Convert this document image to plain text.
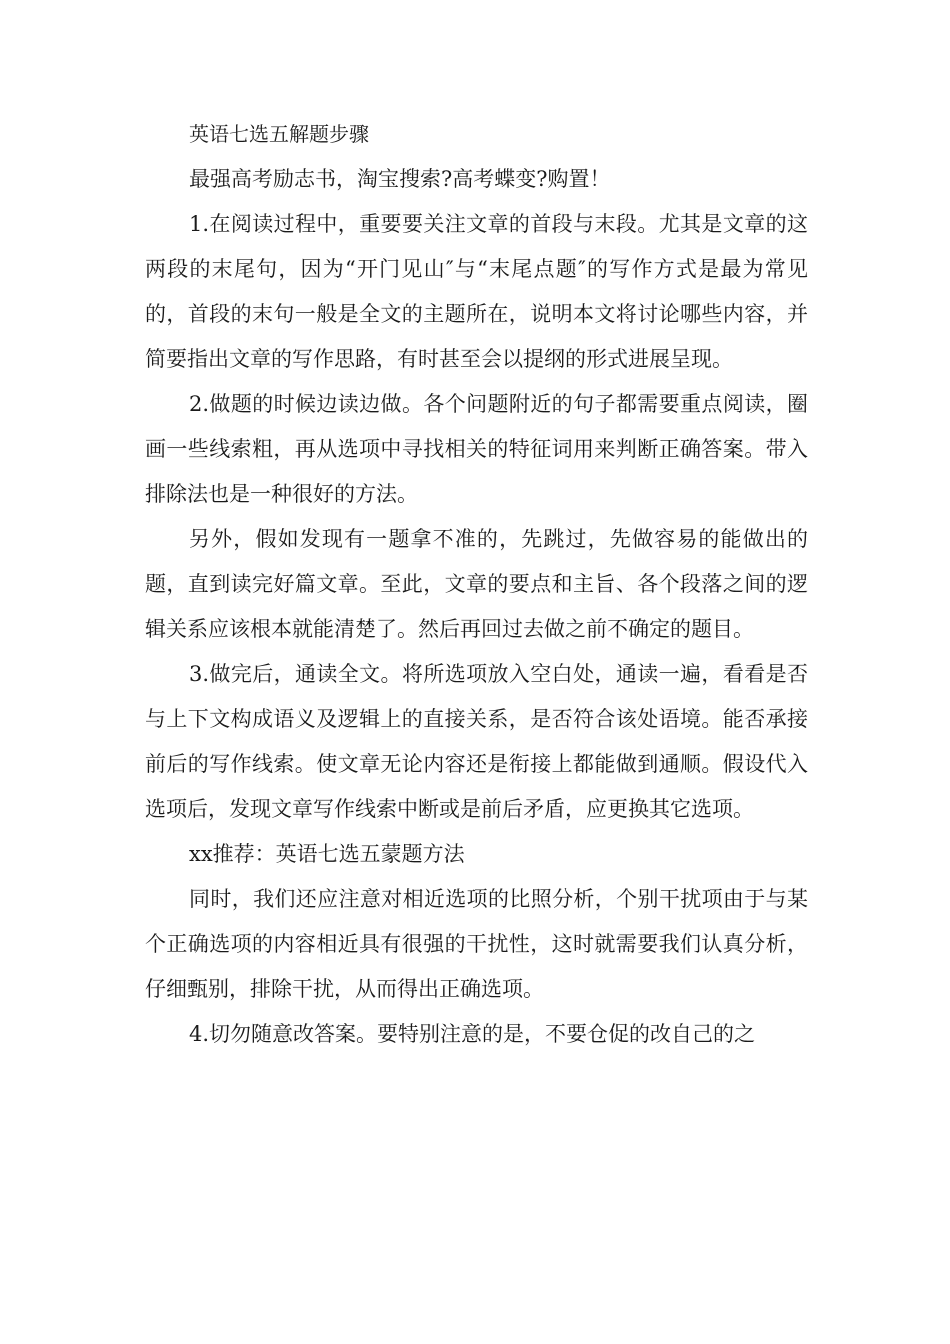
英语七选五解题步骤

最强高考励志书，淘宝搜索?高考蝶变?购置！

1.在阅读过程中，重要要关注文章的首段与末段。尤其是文章的这两段的末尾句，因为“开门见山″与“末尾点题″的写作方式是最为常见的，首段的末句一般是全文的主题所在，说明本文将讨论哪些内容，并简要指出文章的写作思路，有时甚至会以提纲的形式进展呈现。

2.做题的时候边读边做。各个问题附近的句子都需要重点阅读，圈画一些线索粗，再从选项中寻找相关的特征词用来判断正确答案。带入排除法也是一种很好的方法。

另外，假如发现有一题拿不准的，先跳过，先做容易的能做出的题，直到读完好篇文章。至此，文章的要点和主旨、各个段落之间的逻辑关系应该根本就能清楚了。然后再回过去做之前不确定的题目。

3.做完后，通读全文。将所选项放入空白处，通读一遍，看看是否与上下文构成语义及逻辑上的直接关系，是否符合该处语境。能否承接前后的写作线索。使文章无论内容还是衔接上都能做到通顺。假设代入选项后，发现文章写作线索中断或是前后矛盾，应更换其它选项。

xx推荐：英语七选五蒙题方法

同时，我们还应注意对相近选项的比照分析，个别干扰项由于与某个正确选项的内容相近具有很强的干扰性，这时就需要我们认真分析，仔细甄别，排除干扰，从而得出正确选项。

4.切勿随意改答案。要特别注意的是，不要仓促的改自己的之
